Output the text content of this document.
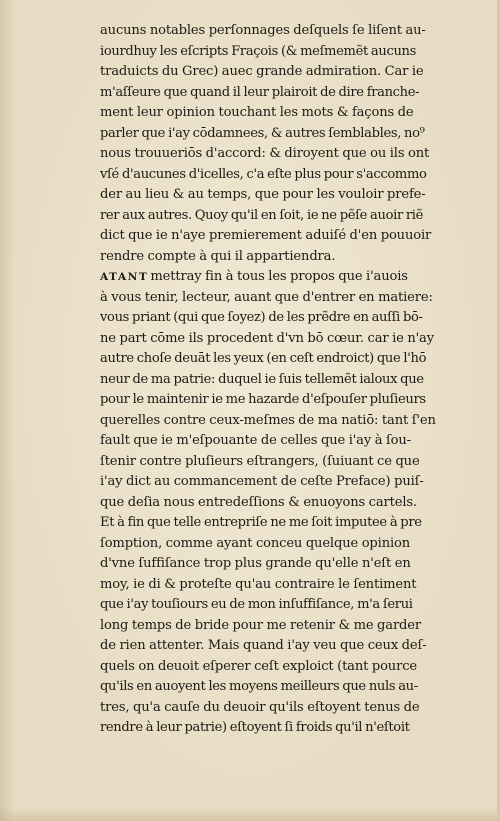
aucuns notables perſonnages deſquels ſe liſent au-
iourdhuy les eſcripts Fraçois (& meſmemẽt aucuns
traduicts du Grec) auec grande admiration. Car ie
m'aſſeure que quand il leur plairoit de dire franche-
ment leur opinion touchant les mots & façons de
parler que i'ay cōdamnees, & autres ſemblables, no⁹
nous trouueriōs d'accord: & diroyent que ou ils ont
vſé d'aucunes d'icelles, c'a eſte plus pour s'accommo
der au lieu & au temps, que pour les vouloir prefe-
rer aux autres. Quoy qu'il en ſoit, ie ne pẽſe auoir riẽ
dict que ie n'aye premierement aduiſé d'en pouuoir
rendre compte à qui il appartiendra.
ATANT mettray fin à tous les propos que i'auois
à vous tenir, lecteur, auant que d'entrer en matiere:
vous priant (qui que ſoyez) de les prẽdre en auſſi bō-
ne part cōme ils procedent d'vn bō cœur. car ie n'ay
autre choſe deuāt les yeux (en ceſt endroict) que l'hō
neur de ma patrie: duquel ie ſuis tellemẽt ialoux que
pour le maintenir ie me hazarde d'eſpouſer pluſieurs
querelles contre ceux-meſmes de ma natiō: tant ſ'en
fault que ie m'eſpouante de celles que i'ay à ſou-
ſtenir contre pluſieurs eſtrangers, (ſuiuant ce que
i'ay dict au commancement de ceſte Preface) puiſ-
que deſia nous entredeſſions & enuoyons cartels.
Et à fin que telle entrepriſe ne me ſoit imputee à pre
ſomption, comme ayant conceu quelque opinion
d'vne ſuffiſance trop plus grande qu'elle n'eſt en
moy, ie di & proteſte qu'au contraire le ſentiment
que i'ay touſiours eu de mon inſuffiſance, m'a ſerui
long temps de bride pour me retenir & me garder
de rien attenter. Mais quand i'ay veu que ceux deſ-
quels on deuoit eſperer ceſt exploict (tant pource
qu'ils en auoyent les moyens meilleurs que nuls au-
tres, qu'a cauſe du deuoir qu'ils eſtoyent tenus de
rendre à leur patrie) eſtoyent ſi froids qu'il n'eſtoit
